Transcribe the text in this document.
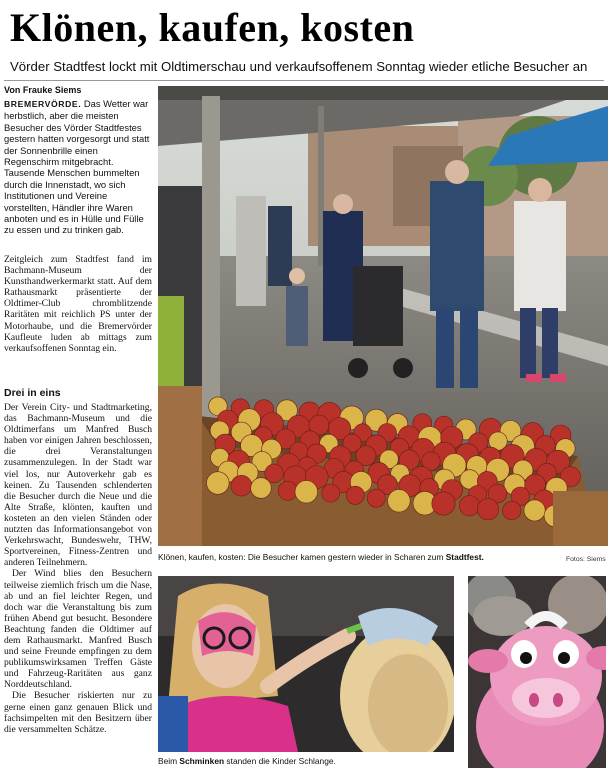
Klönen, kaufen, kosten
Vörder Stadtfest lockt mit Oldtimerschau und verkaufsoffenem Sonntag wieder etliche Besucher an
Von Frauke Siems

BREMERVÖRDE. Das Wetter war herbstlich, aber die meisten Besucher des Vörder Stadtfestes gestern hatten vorgesorgt und statt der Sonnenbrille einen Regenschirm mitgebracht. Tausende Menschen bummelten durch die Innenstadt, wo sich Institutionen und Vereine vorstellten, Händler ihre Waren anboten und es in Hülle und Fülle zu essen und zu trinken gab.

Zeitgleich zum Stadtfest fand im Bachmann-Museum der Kunsthandwerkermarkt statt. Auf dem Rathausmarkt präsentierte der Oldtimer-Club chromblitzende Raritäten mit reichlich PS unter der Motorhaube, und die Bremervörder Kaufleute luden ab mittags zum verkaufsoffenen Sonntag ein.

Drei in eins

Der Verein City- und Stadtmarketing, das Bachmann-Museum und die Oldtimerfans um Manfred Busch haben vor einigen Jahren beschlossen, die drei Veranstaltungen zusammenzulegen. In der Stadt war viel los, nur Autoverkehr gab es keinen. Zu Tausenden schlenderten die Besucher durch die Neue und die Alte Straße, klönten, kauften und kosteten an den vielen Ständen oder nutzten das Informationsangebot von Verkehrswacht, Bundeswehr, THW, Sportvereinen, Fitness-Zentren und anderen Teilnehmern.

Der Wind blies den Besuchern teilweise ziemlich frisch um die Nase, ab und an fiel leichter Regen, und doch war die Veranstaltung bis zum frühen Abend gut besucht. Besondere Beachtung fanden die Oldtimer auf dem Rathausmarkt. Manfred Busch und seine Freunde empfingen zu dem publikumswirksamen Treffen Gäste und Fahrzeug-Raritäten aus ganz Norddeutschland.

Die Besucher riskierten nur zu gerne einen ganz genauen Blick und fachsimpelten mit den Besitzern über die versammelten Schätze.

Klönen, kaufen, kosten: Die Besucher kamen gestern wieder in Scharen zum Stadtfest.	Fotos: Siems
Beim Schminken standen die Kinder Schlange.
